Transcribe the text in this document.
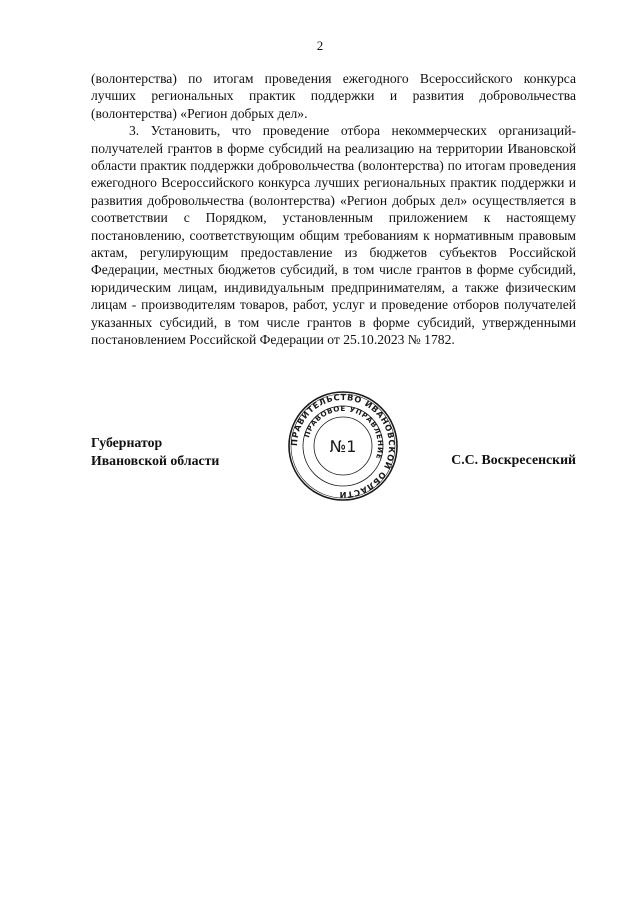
2

(волонтерства) по итогам проведения ежегодного Всероссийского конкурса лучших региональных практик поддержки и развития добровольчества (волонтерства) «Регион добрых дел».

3. Установить, что проведение отбора некоммерческих организаций-получателей грантов в форме субсидий на реализацию на территории Ивановской области практик поддержки добровольчества (волонтерства) по итогам проведения ежегодного Всероссийского конкурса лучших региональных практик поддержки и развития добровольчества (волонтерства) «Регион добрых дел» осуществляется в соответствии с Порядком, установленным приложением к настоящему постановлению, соответствующим общим требованиям к нормативным правовым актам, регулирующим предоставление из бюджетов субъектов Российской Федерации, местных бюджетов субсидий, в том числе грантов в форме субсидий, юридическим лицам, индивидуальным предпринимателям, а также физическим лицам - производителям товаров, работ, услуг и проведение отборов получателей указанных субсидий, в том числе грантов в форме субсидий, утвержденными постановлением Российской Федерации от 25.10.2023 № 1782.

Губернатор
Ивановской области	С.С. Воскресенский
ПРАВИТЕЛЬСТВО ИВАНОВСКОЙ ОБЛАСТИ
ПРАВОВОЕ УПРАВЛЕНИЕ
№1
